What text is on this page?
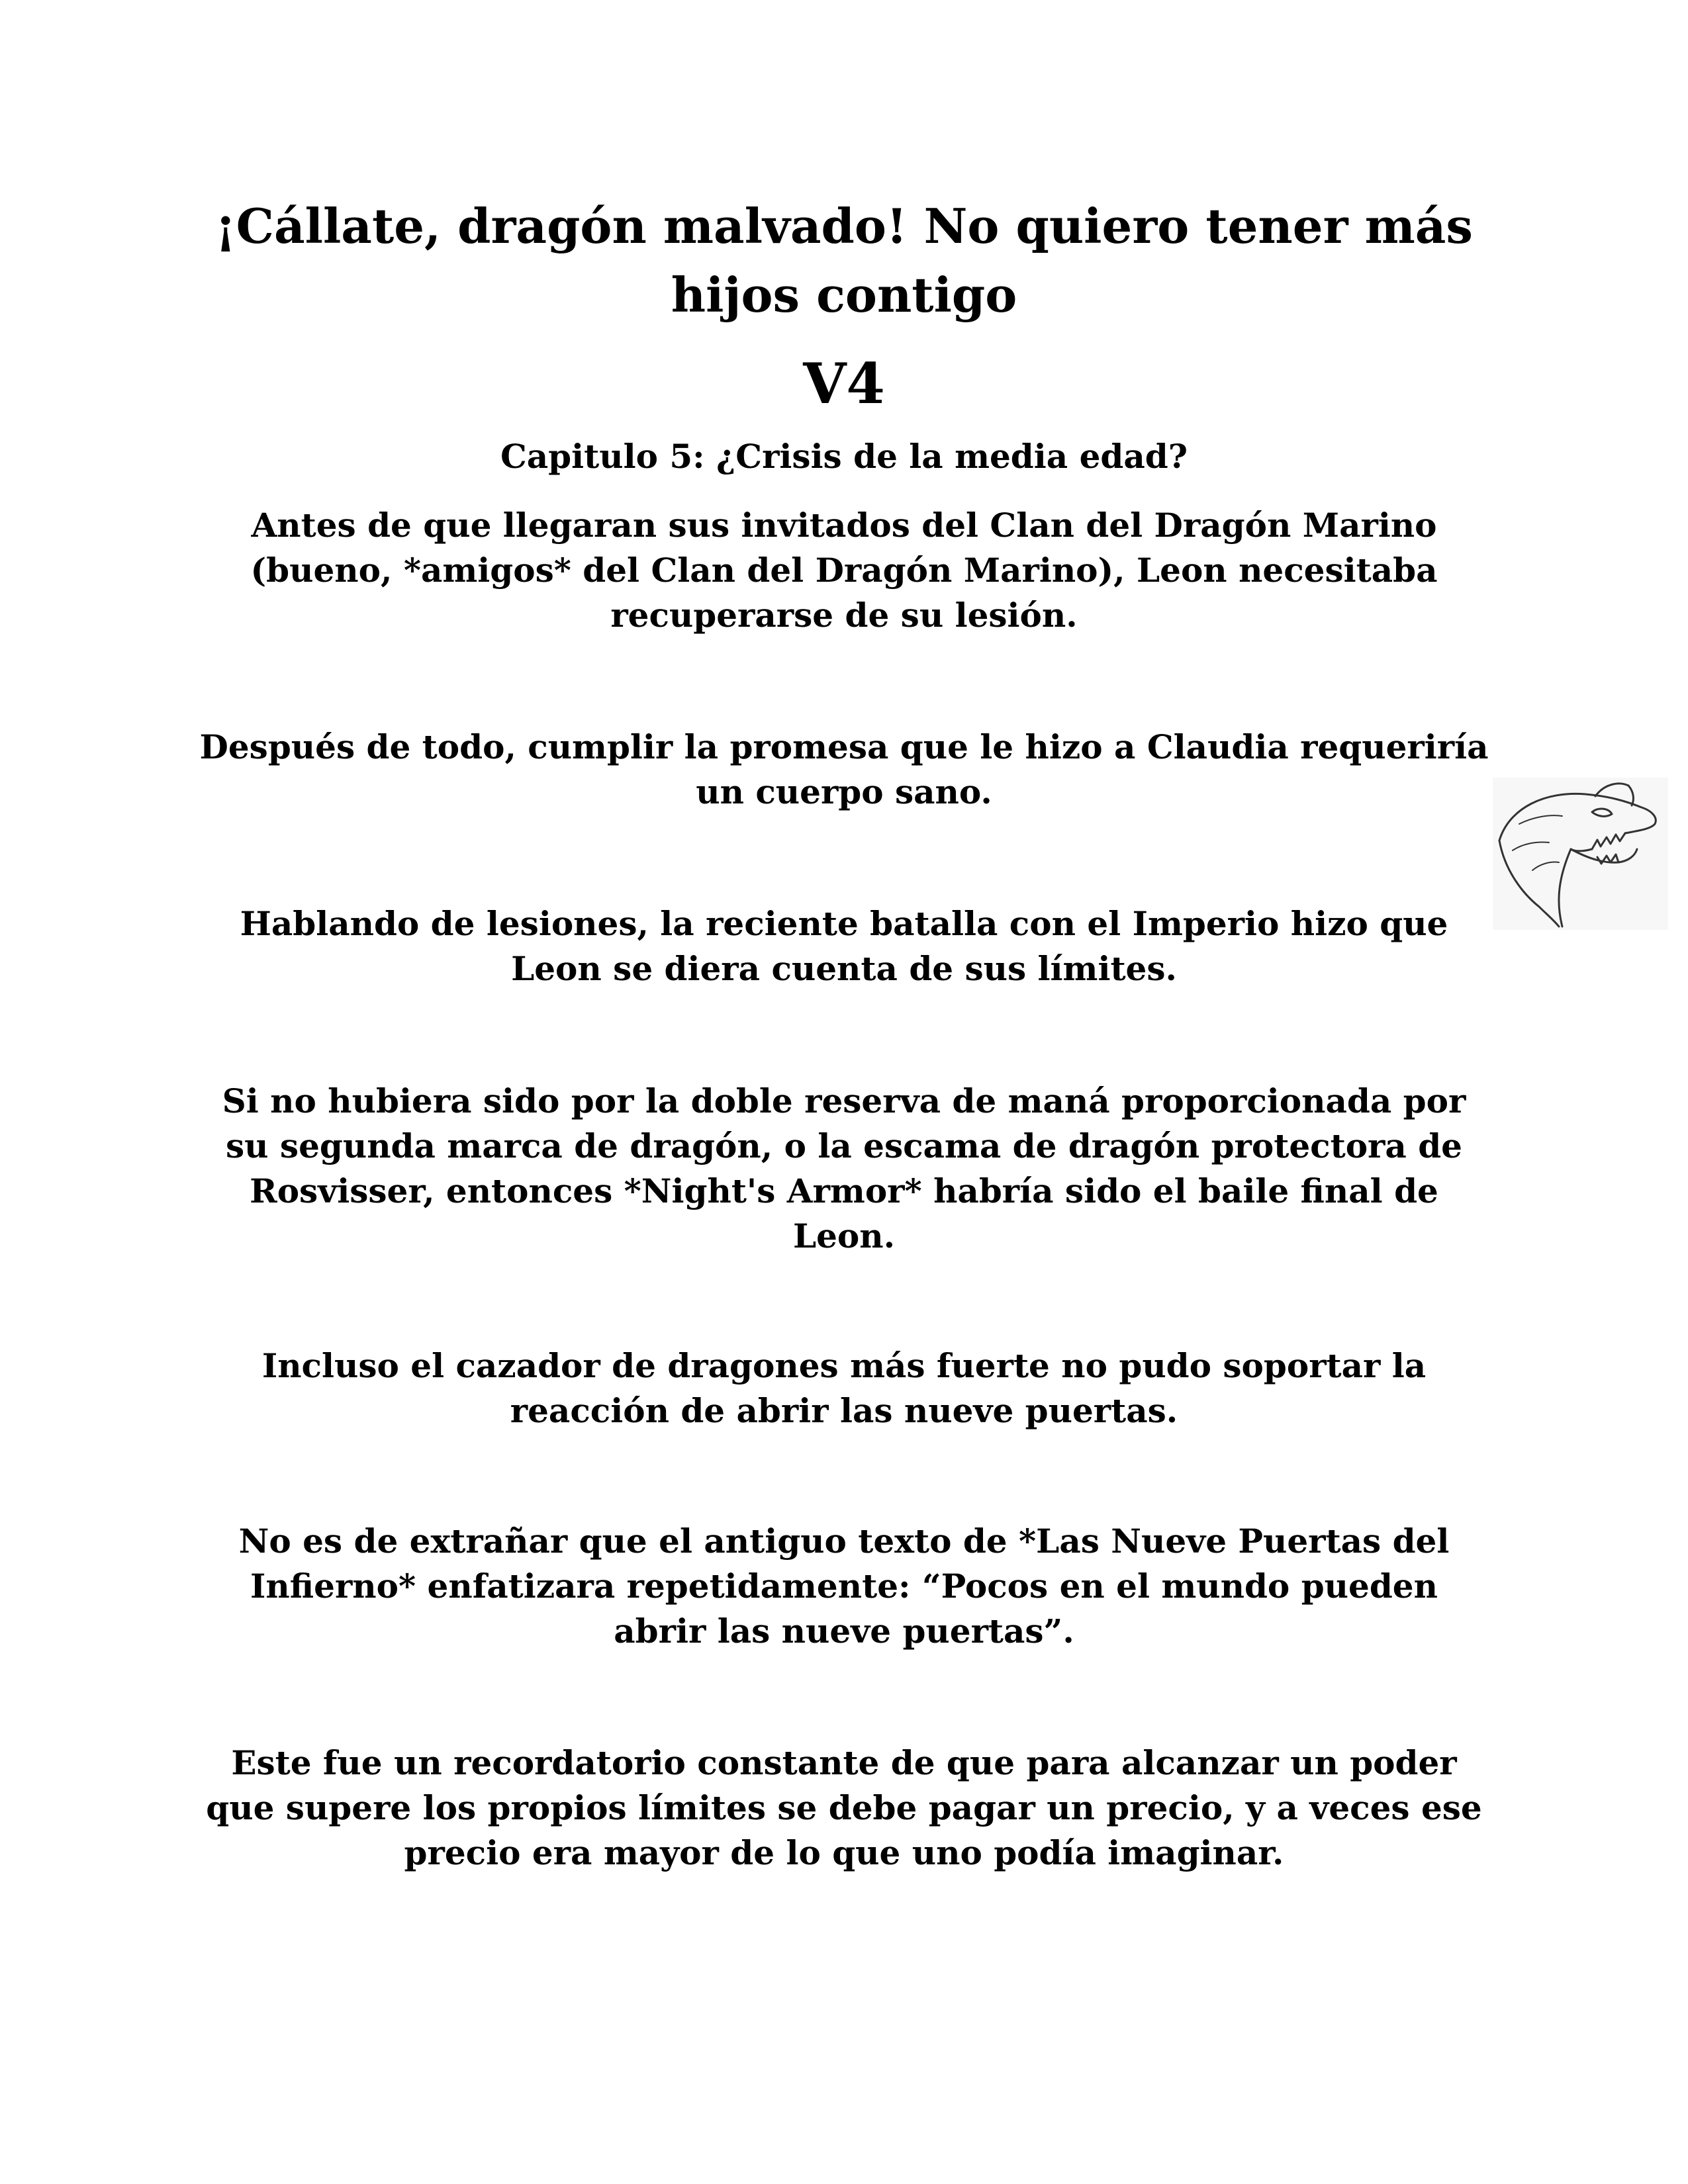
¡Cállate, dragón malvado! No quiero tener más hijos contigo
V4
Capitulo 5: ¿Crisis de la media edad?

Antes de que llegaran sus invitados del Clan del Dragón Marino (bueno, *amigos* del Clan del Dragón Marino), Leon necesitaba recuperarse de su lesión.

Después de todo, cumplir la promesa que le hizo a Claudia requeriría un cuerpo sano.

Hablando de lesiones, la reciente batalla con el Imperio hizo que Leon se diera cuenta de sus límites.

Si no hubiera sido por la doble reserva de maná proporcionada por su segunda marca de dragón, o la escama de dragón protectora de Rosvisser, entonces *Night's Armor* habría sido el baile final de Leon.

Incluso el cazador de dragones más fuerte no pudo soportar la reacción de abrir las nueve puertas.

No es de extrañar que el antiguo texto de *Las Nueve Puertas del Infierno* enfatizara repetidamente: “Pocos en el mundo pueden abrir las nueve puertas”.

Este fue un recordatorio constante de que para alcanzar un poder que supere los propios límites se debe pagar un precio, y a veces ese precio era mayor de lo que uno podía imaginar.
